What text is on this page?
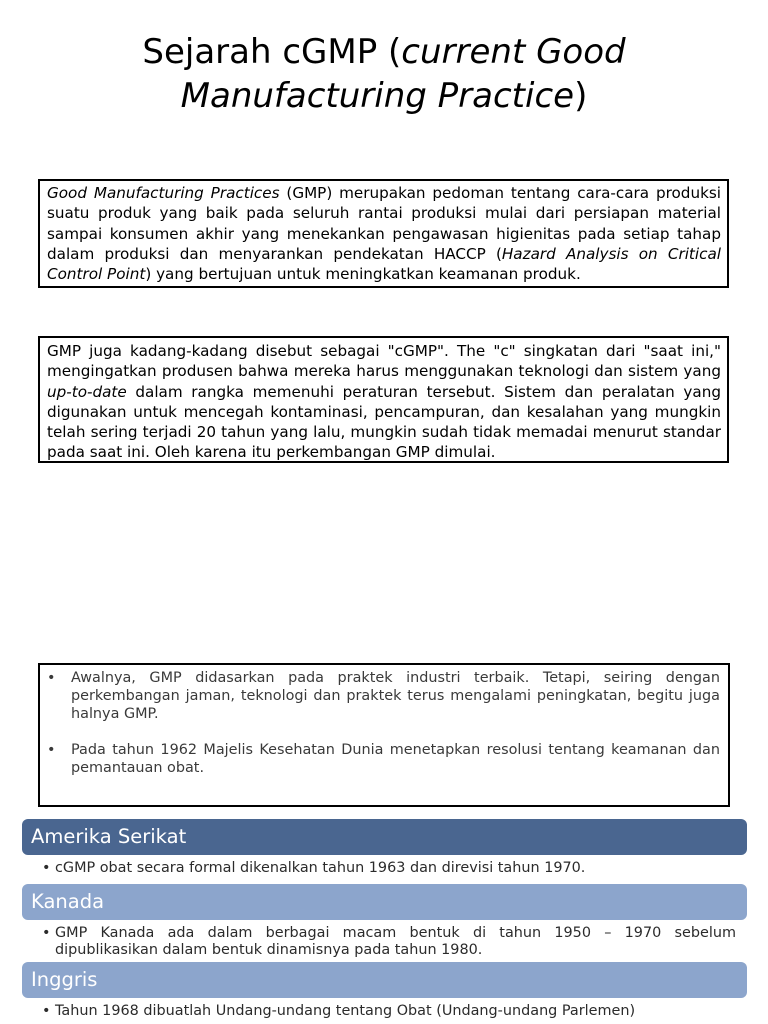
Sejarah cGMP (current Good
Manufacturing Practice)
Good Manufacturing Practices (GMP) merupakan pedoman tentang cara-cara produksi suatu produk yang baik pada seluruh rantai produksi mulai dari persiapan material sampai konsumen akhir yang menekankan pengawasan higienitas pada setiap tahap dalam produksi dan menyarankan pendekatan HACCP (Hazard Analysis on Critical Control Point) yang bertujuan untuk meningkatkan keamanan produk.
GMP juga kadang-kadang disebut sebagai "cGMP". The "c" singkatan dari "saat ini," mengingatkan produsen bahwa mereka harus menggunakan teknologi dan sistem yang up-to-date dalam rangka memenuhi peraturan tersebut. Sistem dan peralatan yang digunakan untuk mencegah kontaminasi, pencampuran, dan kesalahan yang mungkin telah sering terjadi 20 tahun yang lalu, mungkin sudah tidak memadai menurut standar pada saat ini. Oleh karena itu perkembangan GMP dimulai.
• Awalnya, GMP didasarkan pada praktek industri terbaik. Tetapi, seiring dengan perkembangan jaman, teknologi dan praktek terus mengalami peningkatan, begitu juga halnya GMP.
• Pada tahun 1962 Majelis Kesehatan Dunia menetapkan resolusi tentang keamanan dan pemantauan obat.
Amerika Serikat
• cGMP obat secara formal dikenalkan tahun 1963 dan direvisi tahun 1970.
Kanada
• GMP Kanada ada dalam berbagai macam bentuk di tahun 1950 – 1970 sebelum dipublikasikan dalam bentuk dinamisnya pada tahun 1980.
Inggris
• Tahun 1968 dibuatlah Undang-undang tentang Obat (Undang-undang Parlemen)
